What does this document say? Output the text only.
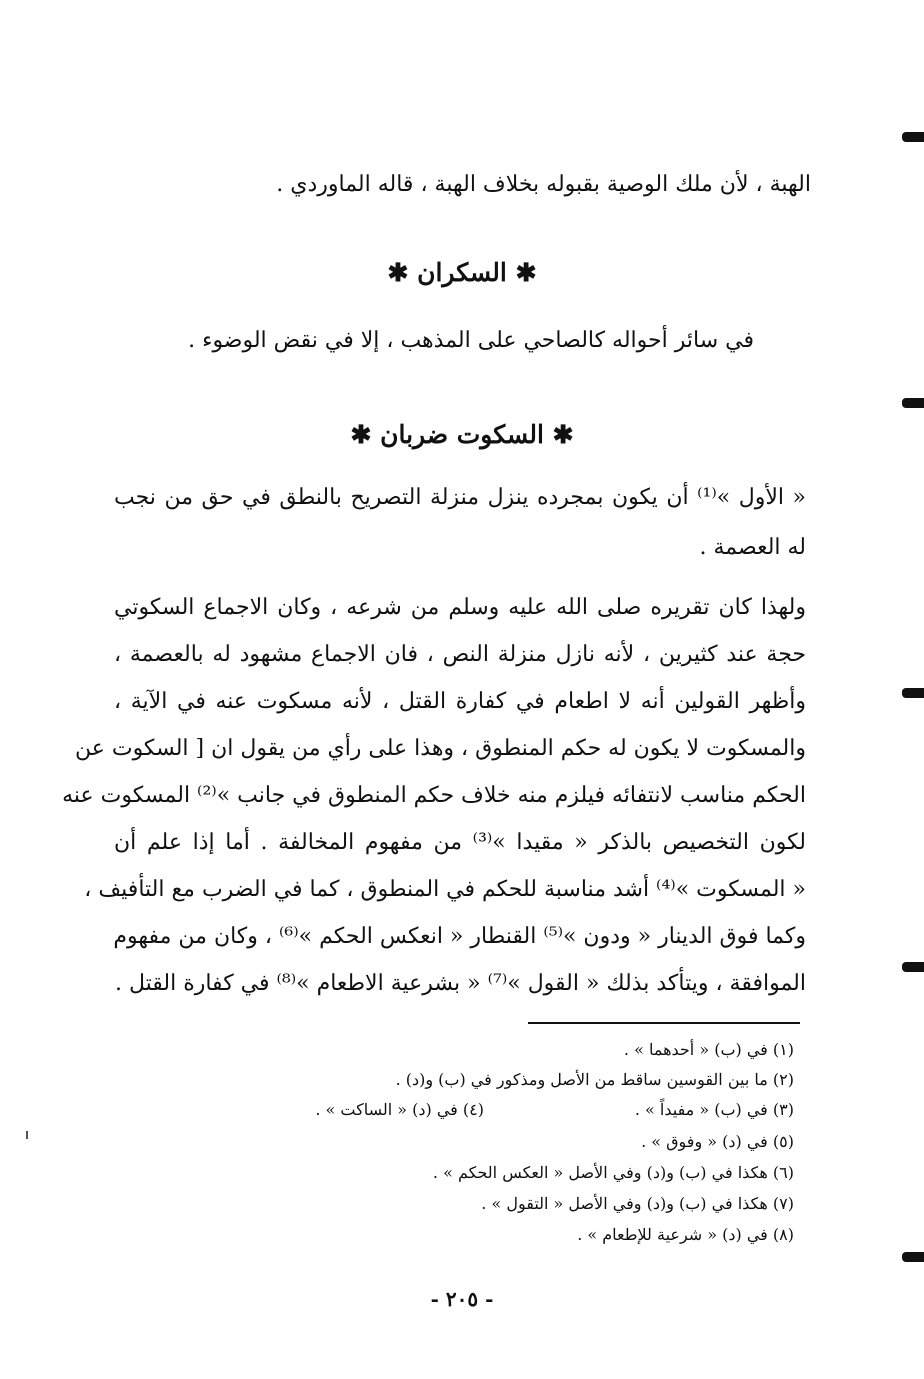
الهبة ، لأن ملك الوصية بقبوله بخلاف الهبة ، قاله الماوردي .
✱ السكران ✱
في سائر أحواله كالصاحي على المذهب ، إلا في نقض الوضوء .
✱ السكوت ضربان ✱
« الأول »⁽¹⁾ أن يكون بمجرده ينزل منزلة التصريح بالنطق في حق من نجب
له العصمة .
ولهذا كان تقريره صلى الله عليه وسلم من شرعه ، وكان الاجماع السكوتي
حجة عند كثيرين ، لأنه نازل منزلة النص ، فان الاجماع مشهود له بالعصمة ،
وأظهر القولين أنه لا اطعام في كفارة القتل ، لأنه مسكوت عنه في الآية ،
والمسكوت لا يكون له حكم المنطوق ، وهذا على رأي من يقول ان [ السكوت عن
الحكم مناسب لانتفائه فيلزم منه خلاف حكم المنطوق في جانب »⁽²⁾ المسكوت عنه
لكون التخصيص بالذكر « مقيدا »⁽³⁾ من مفهوم المخالفة . أما إذا علم أن
« المسكوت »⁽⁴⁾ أشد مناسبة للحكم في المنطوق ، كما في الضرب مع التأفيف ،
وكما فوق الدينار « ودون »⁽⁵⁾ القنطار « انعكس الحكم »⁽⁶⁾ ، وكان من مفهوم
الموافقة ، ويتأكد بذلك « القول »⁽⁷⁾ « بشرعية الاطعام »⁽⁸⁾ في كفارة القتل .
(١) في (ب) « أحدهما » .
(٢) ما بين القوسين ساقط من الأصل ومذكور في (ب) و(د) .
(٣) في (ب) « مفيداً » .
(٤) في (د) « الساكت » .
(٥) في (د) « وفوق » .
(٦) هكذا في (ب) و(د) وفي الأصل « العكس الحكم » .
(٧) هكذا في (ب) و(د) وفي الأصل « التقول » .
(٨) في (د) « شرعية للإطعام » .
- ٢٠٥ -
